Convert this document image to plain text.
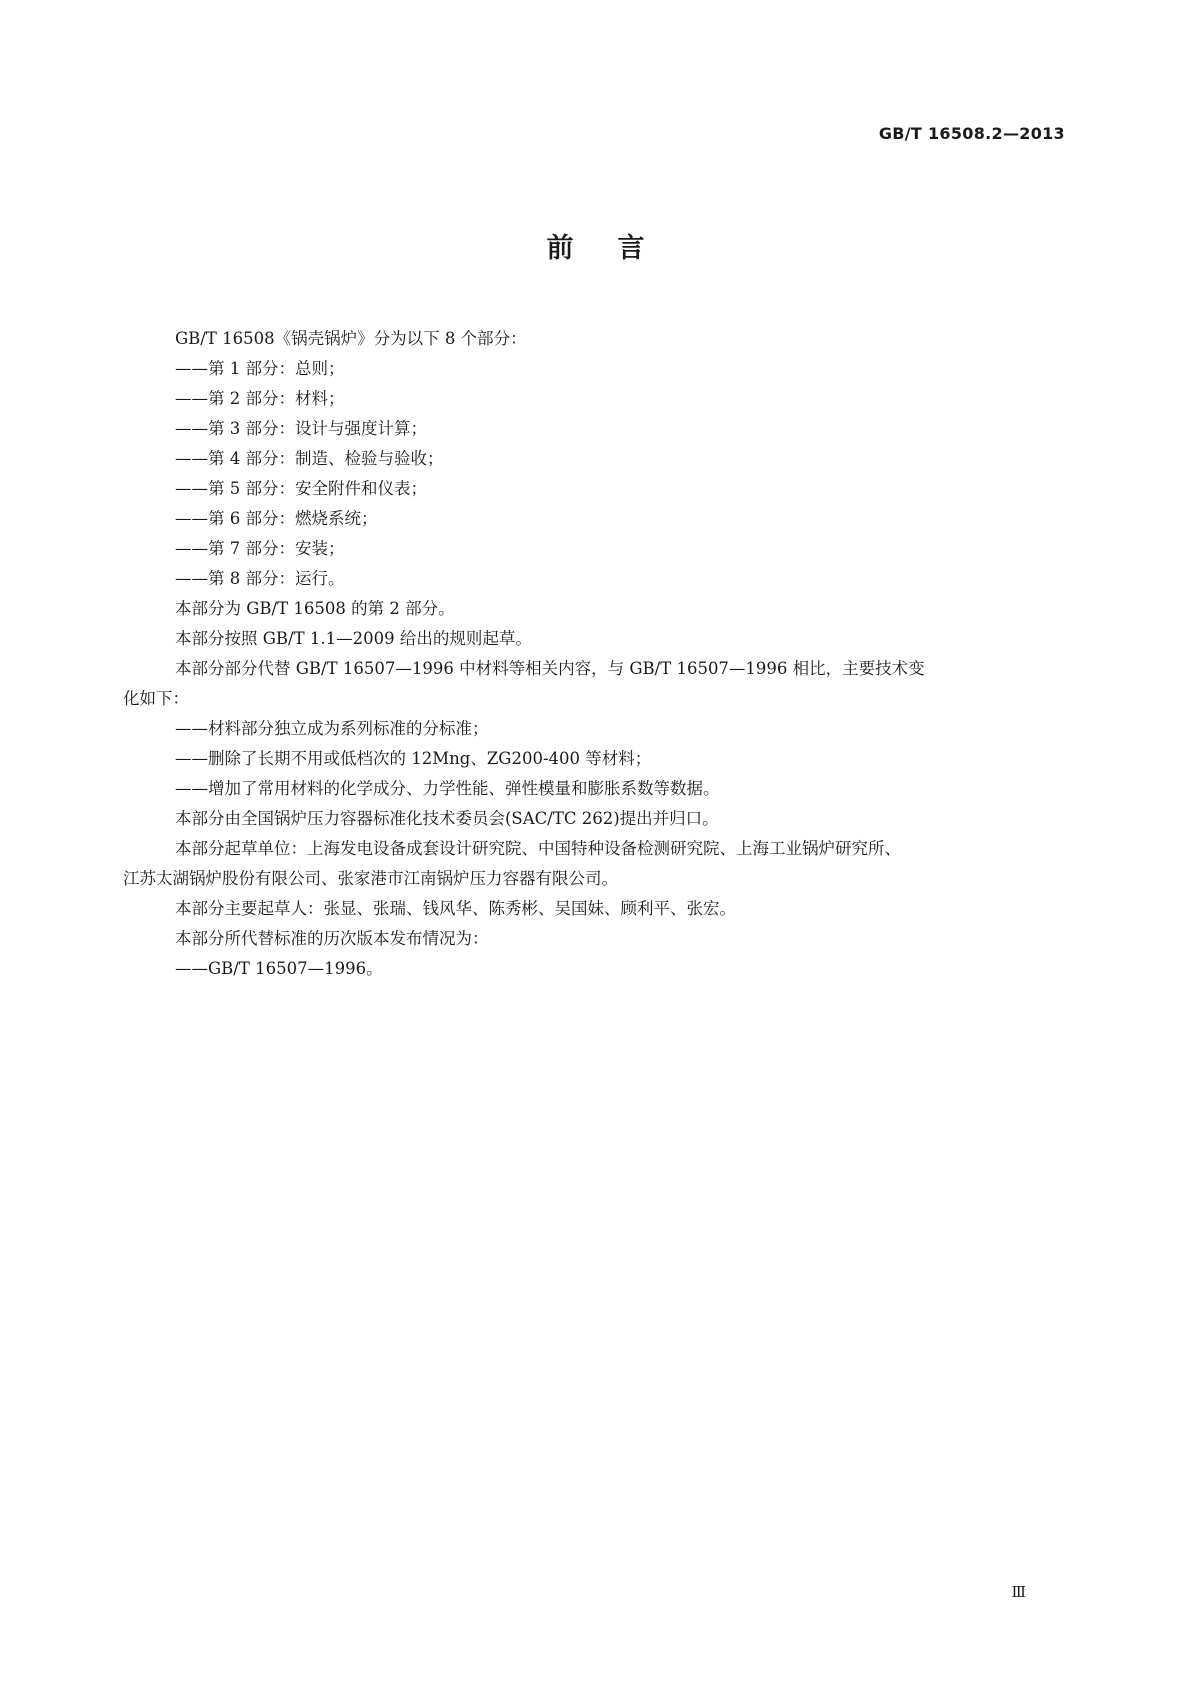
GB/T 16508.2—2013
前言
GB/T 16508《锅壳锅炉》分为以下 8 个部分：
——第 1 部分：总则；
——第 2 部分：材料；
——第 3 部分：设计与强度计算；
——第 4 部分：制造、检验与验收；
——第 5 部分：安全附件和仪表；
——第 6 部分：燃烧系统；
——第 7 部分：安装；
——第 8 部分：运行。
本部分为 GB/T 16508 的第 2 部分。
本部分按照 GB/T 1.1—2009 给出的规则起草。
本部分部分代替 GB/T 16507—1996 中材料等相关内容，与 GB/T 16507—1996 相比，主要技术变
化如下：
——材料部分独立成为系列标准的分标准；
——删除了长期不用或低档次的 12Mng、ZG200-400 等材料；
——增加了常用材料的化学成分、力学性能、弹性模量和膨胀系数等数据。
本部分由全国锅炉压力容器标准化技术委员会(SAC/TC 262)提出并归口。
本部分起草单位：上海发电设备成套设计研究院、中国特种设备检测研究院、上海工业锅炉研究所、
江苏太湖锅炉股份有限公司、张家港市江南锅炉压力容器有限公司。
本部分主要起草人：张显、张瑞、钱风华、陈秀彬、吴国妹、顾利平、张宏。
本部分所代替标准的历次版本发布情况为：
——GB/T 16507—1996。
Ⅲ
